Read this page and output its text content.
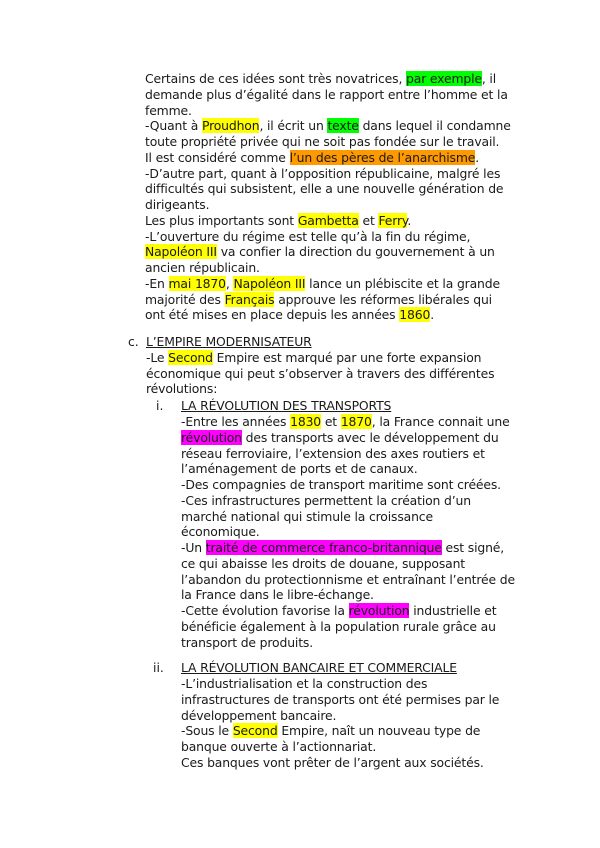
Certains de ces idées sont très novatrices, par exemple, il
demande plus d’égalité dans le rapport entre l’homme et la
femme.
-Quant à Proudhon, il écrit un texte dans lequel il condamne
toute propriété privée qui ne soit pas fondée sur le travail.
Il est considéré comme l’un des pères de l’anarchisme.
-D’autre part, quant à l’opposition républicaine, malgré les
difficultés qui subsistent, elle a une nouvelle génération de
dirigeants.
Les plus importants sont Gambetta et Ferry.
-L’ouverture du régime est telle qu’à la fin du régime,
Napoléon III va confier la direction du gouvernement à un
ancien républicain.
-En mai 1870, Napoléon III lance un plébiscite et la grande
majorité des Français approuve les réformes libérales qui
ont été mises en place depuis les années 1860.
c. L’EMPIRE MODERNISATEUR
-Le Second Empire est marqué par une forte expansion
économique qui peut s’observer à travers des différentes
révolutions:
i. LA RÉVOLUTION DES TRANSPORTS
-Entre les années 1830 et 1870, la France connait une
révolution des transports avec le développement du
réseau ferroviaire, l’extension des axes routiers et
l’aménagement de ports et de canaux.
-Des compagnies de transport maritime sont créées.
-Ces infrastructures permettent la création d’un
marché national qui stimule la croissance
économique.
-Un traité de commerce franco-britannique est signé,
ce qui abaisse les droits de douane, supposant
l’abandon du protectionnisme et entraînant l’entrée de
la France dans le libre-échange.
-Cette évolution favorise la révolution industrielle et
bénéficie également à la population rurale grâce au
transport de produits.
ii. LA RÉVOLUTION BANCAIRE ET COMMERCIALE
-L’industrialisation et la construction des
infrastructures de transports ont été permises par le
développement bancaire.
-Sous le Second Empire, naît un nouveau type de
banque ouverte à l’actionnariat.
Ces banques vont prêter de l’argent aux sociétés.
